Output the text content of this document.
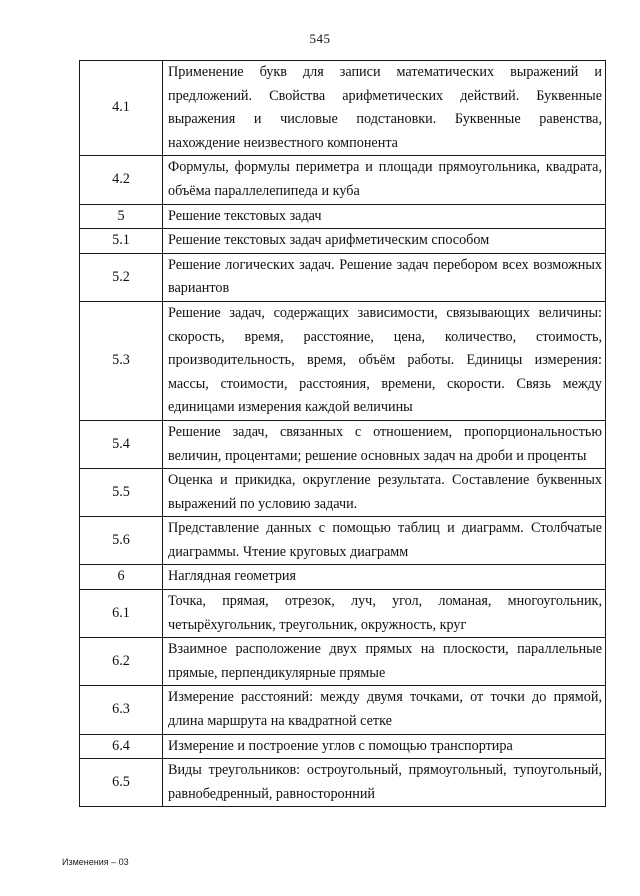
545
4.1	Применение букв для записи математических выражений и предложений. Свойства арифметических действий. Буквенные выражения и числовые подстановки. Буквенные равенства, нахождение неизвестного компонента
4.2	Формулы, формулы периметра и площади прямоугольника, квадрата, объёма параллелепипеда и куба
5	Решение текстовых задач
5.1	Решение текстовых задач арифметическим способом
5.2	Решение логических задач. Решение задач перебором всех возможных вариантов
5.3	Решение задач, содержащих зависимости, связывающих величины: скорость, время, расстояние, цена, количество, стоимость, производительность, время, объём работы. Единицы измерения: массы, стоимости, расстояния, времени, скорости. Связь между единицами измерения каждой величины
5.4	Решение задач, связанных с отношением, пропорциональностью величин, процентами; решение основных задач на дроби и проценты
5.5	Оценка и прикидка, округление результата. Составление буквенных выражений по условию задачи.
5.6	Представление данных с помощью таблиц и диаграмм. Столбчатые диаграммы. Чтение круговых диаграмм
6	Наглядная геометрия
6.1	Точка, прямая, отрезок, луч, угол, ломаная, многоугольник, четырёхугольник, треугольник, окружность, круг
6.2	Взаимное расположение двух прямых на плоскости, параллельные прямые, перпендикулярные прямые
6.3	Измерение расстояний: между двумя точками, от точки до прямой, длина маршрута на квадратной сетке
6.4	Измерение и построение углов с помощью транспортира
6.5	Виды треугольников: остроугольный, прямоугольный, тупоугольный, равнобедренный, равносторонний
Изменения – 03
